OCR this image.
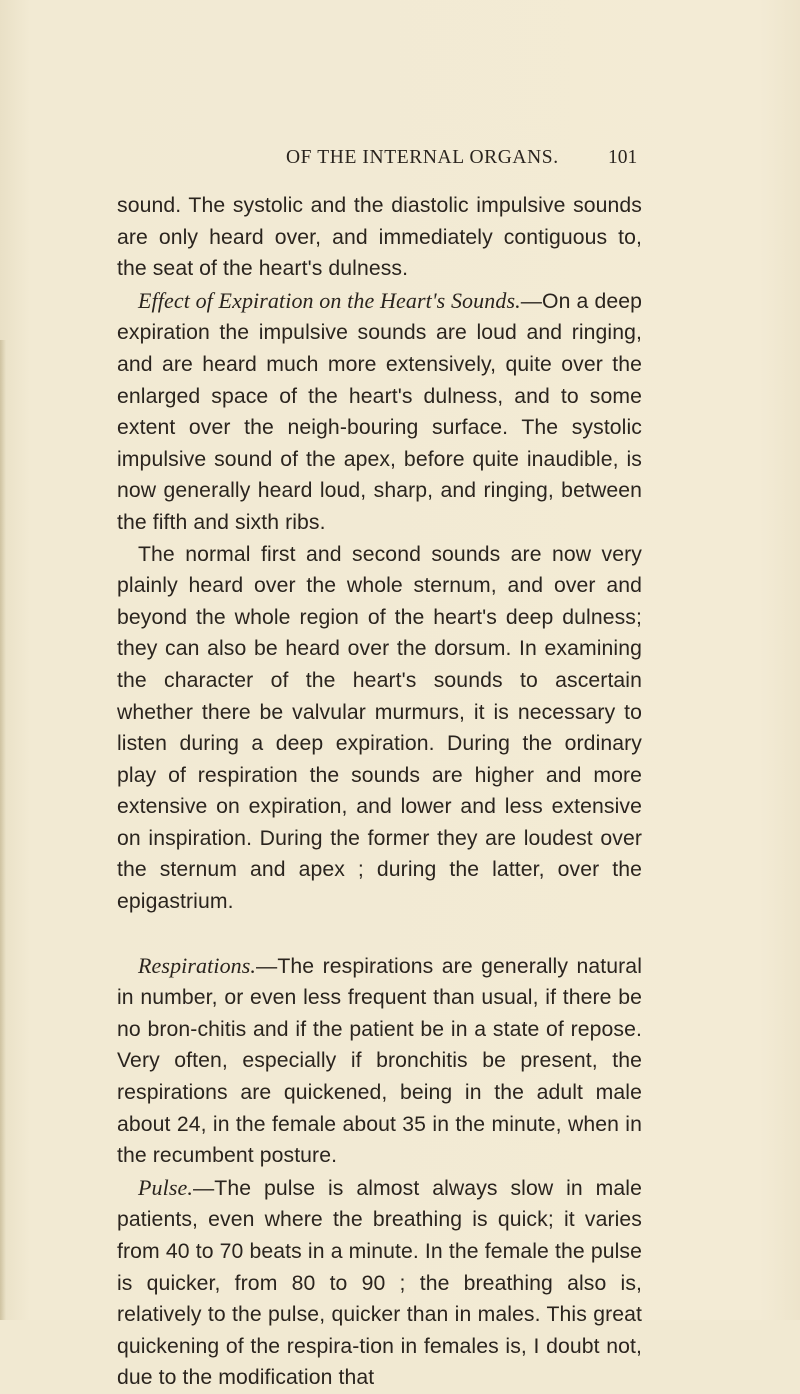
OF THE INTERNAL ORGANS.	101

sound. The systolic and the diastolic impulsive sounds are only heard over, and immediately contiguous to, the seat of the heart's dulness.

Effect of Expiration on the Heart's Sounds.—On a deep expiration the impulsive sounds are loud and ringing, and are heard much more extensively, quite over the enlarged space of the heart's dulness, and to some extent over the neigh-bouring surface. The systolic impulsive sound of the apex, before quite inaudible, is now generally heard loud, sharp, and ringing, between the fifth and sixth ribs.

The normal first and second sounds are now very plainly heard over the whole sternum, and over and beyond the whole region of the heart's deep dulness; they can also be heard over the dorsum. In examining the character of the heart's sounds to ascertain whether there be valvular murmurs, it is necessary to listen during a deep expiration. During the ordinary play of respiration the sounds are higher and more extensive on expiration, and lower and less extensive on inspiration. During the former they are loudest over the sternum and apex ; during the latter, over the epigastrium.

Respirations.—The respirations are generally natural in number, or even less frequent than usual, if there be no bron-chitis and if the patient be in a state of repose. Very often, especially if bronchitis be present, the respirations are quickened, being in the adult male about 24, in the female about 35 in the minute, when in the recumbent posture.

Pulse.—The pulse is almost always slow in male patients, even where the breathing is quick; it varies from 40 to 70 beats in a minute. In the female the pulse is quicker, from 80 to 90 ; the breathing also is, relatively to the pulse, quicker than in males. This great quickening of the respira-tion in females is, I doubt not, due to the modification that
